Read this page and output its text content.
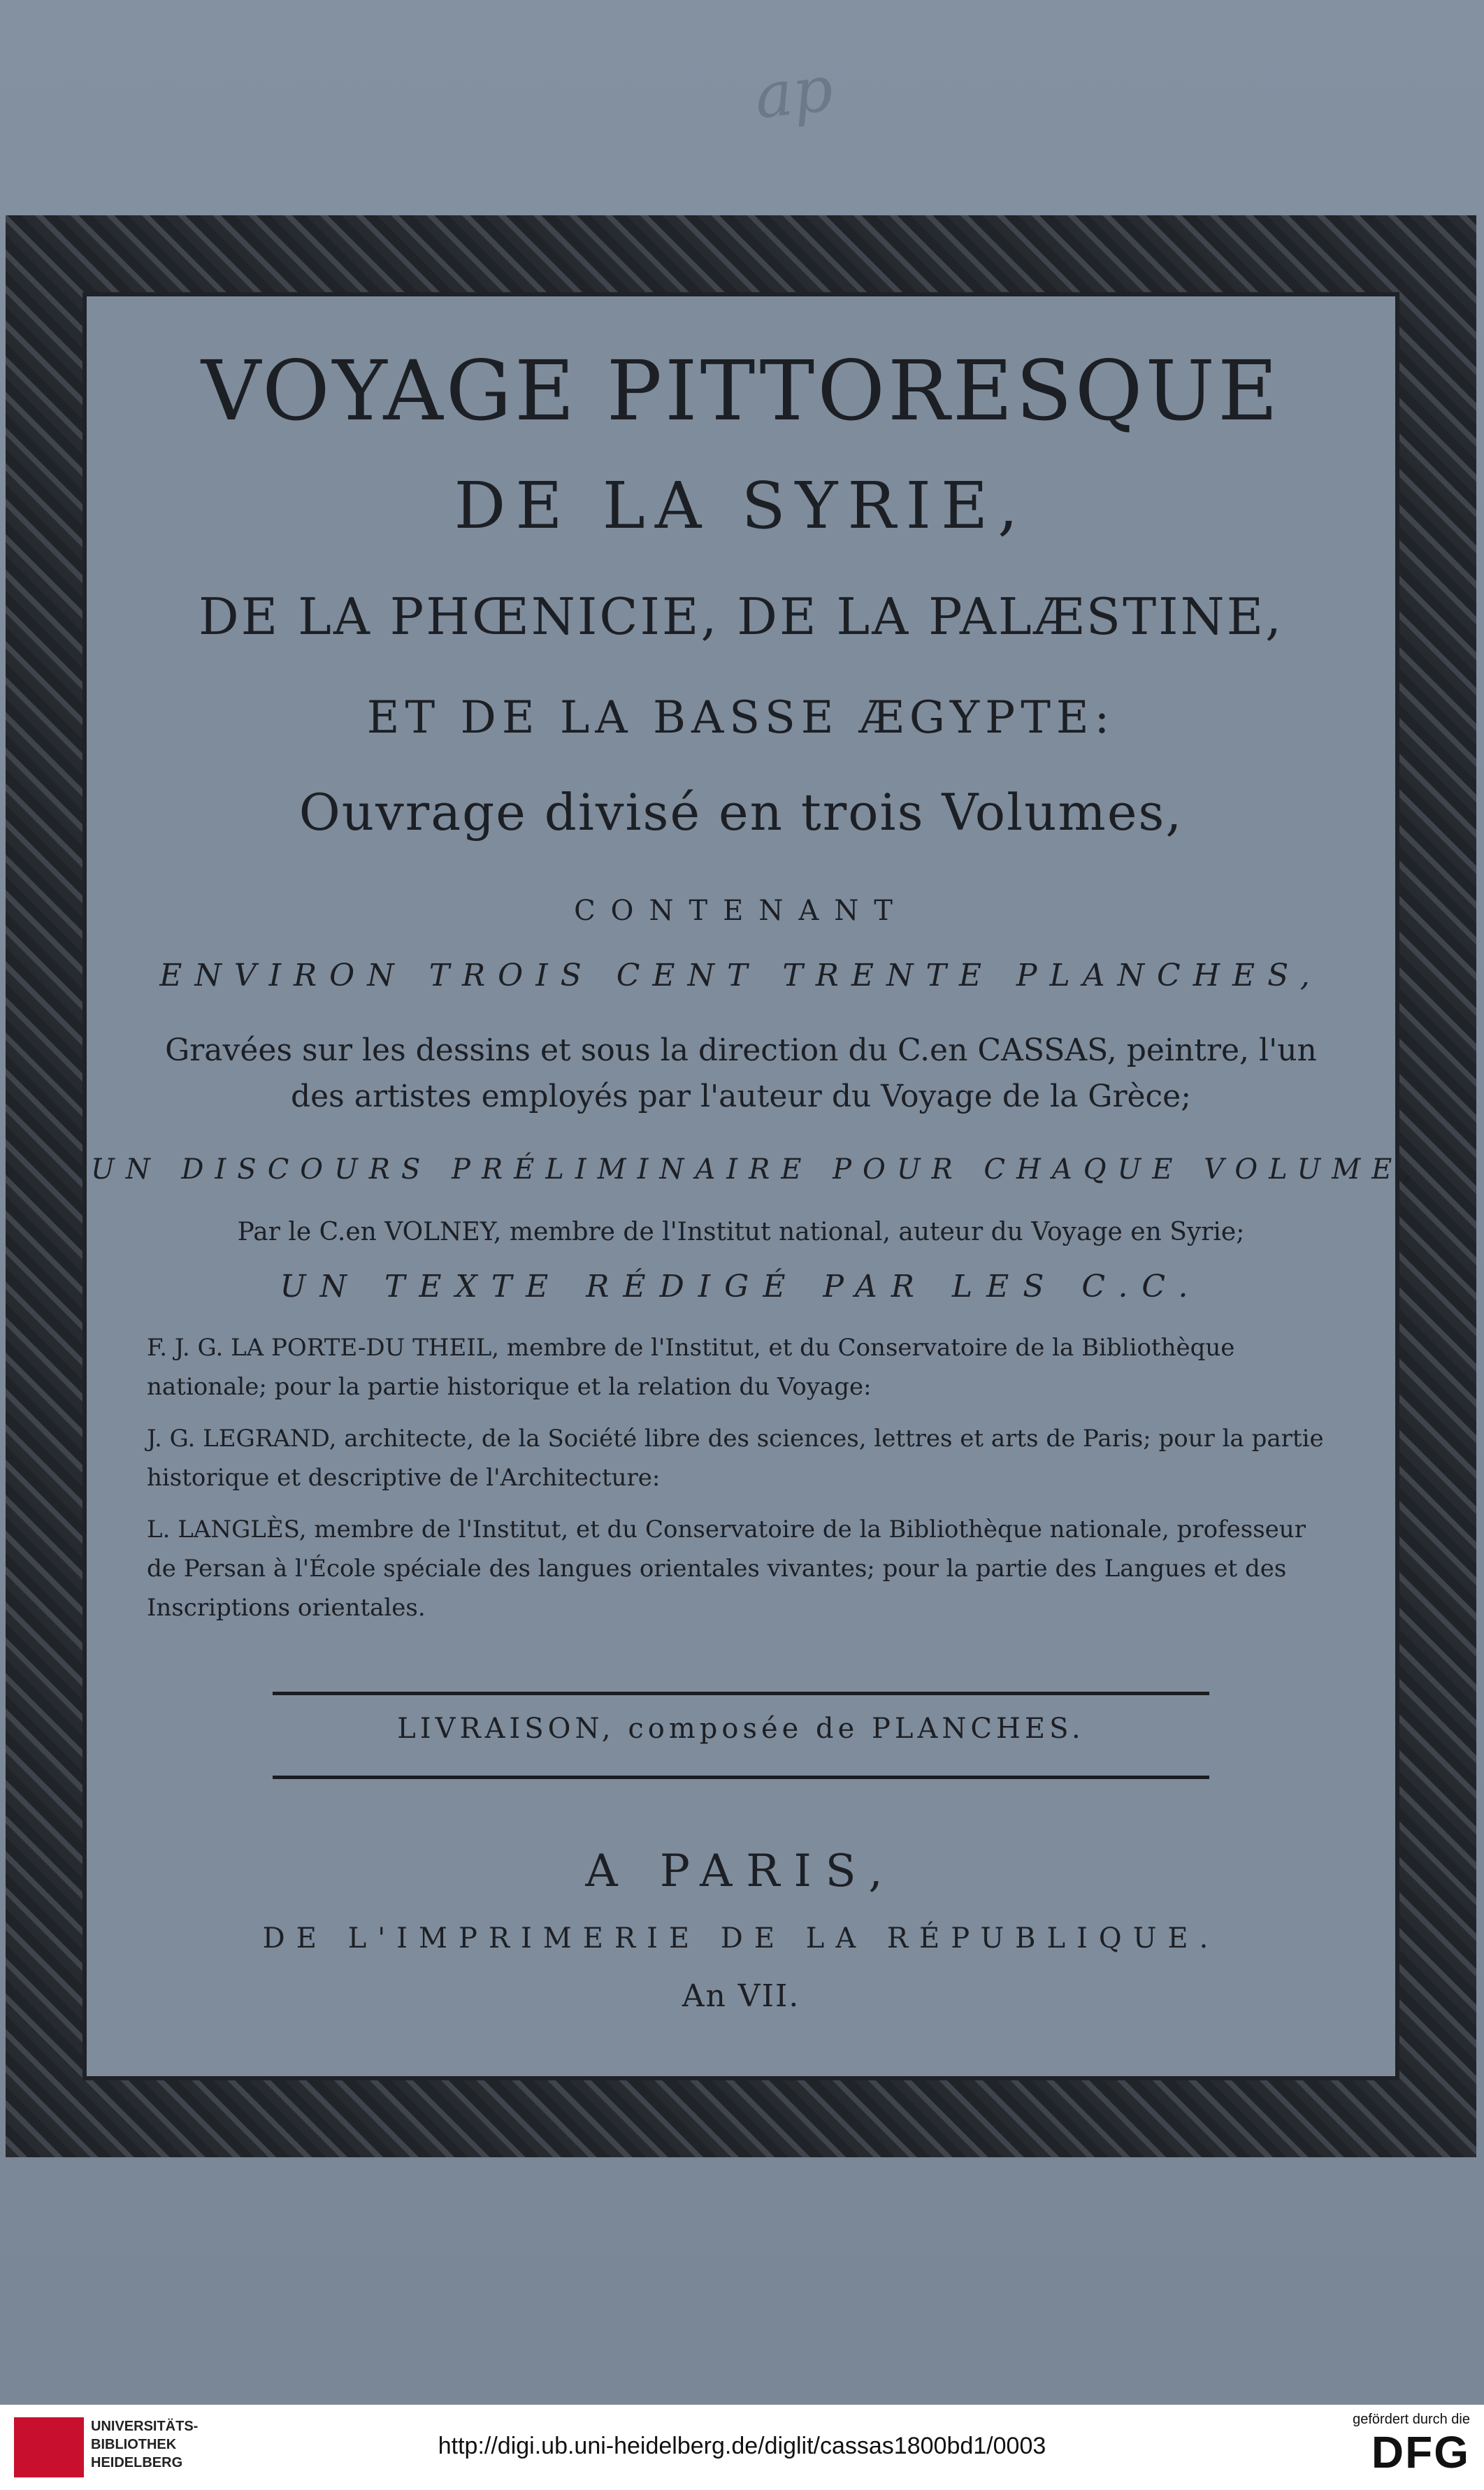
ap
VOYAGE PITTORESQUE
DE LA SYRIE,
DE LA PHŒNICIE, DE LA PALÆSTINE,
ET DE LA BASSE ÆGYPTE:
Ouvrage divisé en trois Volumes,
CONTENANT
ENVIRON TROIS CENT TRENTE PLANCHES,
Gravées sur les dessins et sous la direction du C.en CASSAS, peintre, l'un des artistes employés par l'auteur du Voyage de la Grèce;
UN DISCOURS PRÉLIMINAIRE POUR CHAQUE VOLUME,
Par le C.en VOLNEY, membre de l'Institut national, auteur du Voyage en Syrie;
UN TEXTE RÉDIGÉ PAR LES C.C.
F. J. G. LA PORTE-DU THEIL, membre de l'Institut, et du Conservatoire de la Bibliothèque nationale; pour la partie historique et la relation du Voyage:
J. G. LEGRAND, architecte, de la Société libre des sciences, lettres et arts de Paris; pour la partie historique et descriptive de l'Architecture:
L. LANGLÈS, membre de l'Institut, et du Conservatoire de la Bibliothèque nationale, professeur de Persan à l'École spéciale des langues orientales vivantes; pour la partie des Langues et des Inscriptions orientales.
LIVRAISON, composée de PLANCHES.
A PARIS,
DE L'IMPRIMERIE DE LA RÉPUBLIQUE.
An VII.
UNIVERSITÄTS-
BIBLIOTHEK
HEIDELBERG
http://digi.ub.uni-heidelberg.de/diglit/cassas1800bd1/0003
gefördert durch die
DFG
